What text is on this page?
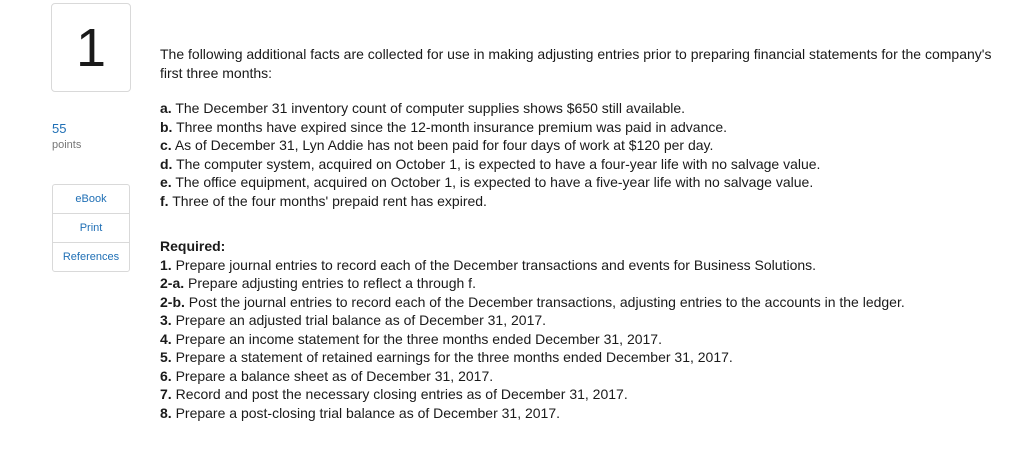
1
55
points
eBook
Print
References

The following additional facts are collected for use in making adjusting entries prior to preparing financial statements for the company's first three months:

a. The December 31 inventory count of computer supplies shows $650 still available.
b. Three months have expired since the 12-month insurance premium was paid in advance.
c. As of December 31, Lyn Addie has not been paid for four days of work at $120 per day.
d. The computer system, acquired on October 1, is expected to have a four-year life with no salvage value.
e. The office equipment, acquired on October 1, is expected to have a five-year life with no salvage value.
f. Three of the four months' prepaid rent has expired.

Required:

1. Prepare journal entries to record each of the December transactions and events for Business Solutions.
2-a. Prepare adjusting entries to reflect a through f.
2-b. Post the journal entries to record each of the December transactions, adjusting entries to the accounts in the ledger.
3. Prepare an adjusted trial balance as of December 31, 2017.
4. Prepare an income statement for the three months ended December 31, 2017.
5. Prepare a statement of retained earnings for the three months ended December 31, 2017.
6. Prepare a balance sheet as of December 31, 2017.
7. Record and post the necessary closing entries as of December 31, 2017.
8. Prepare a post-closing trial balance as of December 31, 2017.
